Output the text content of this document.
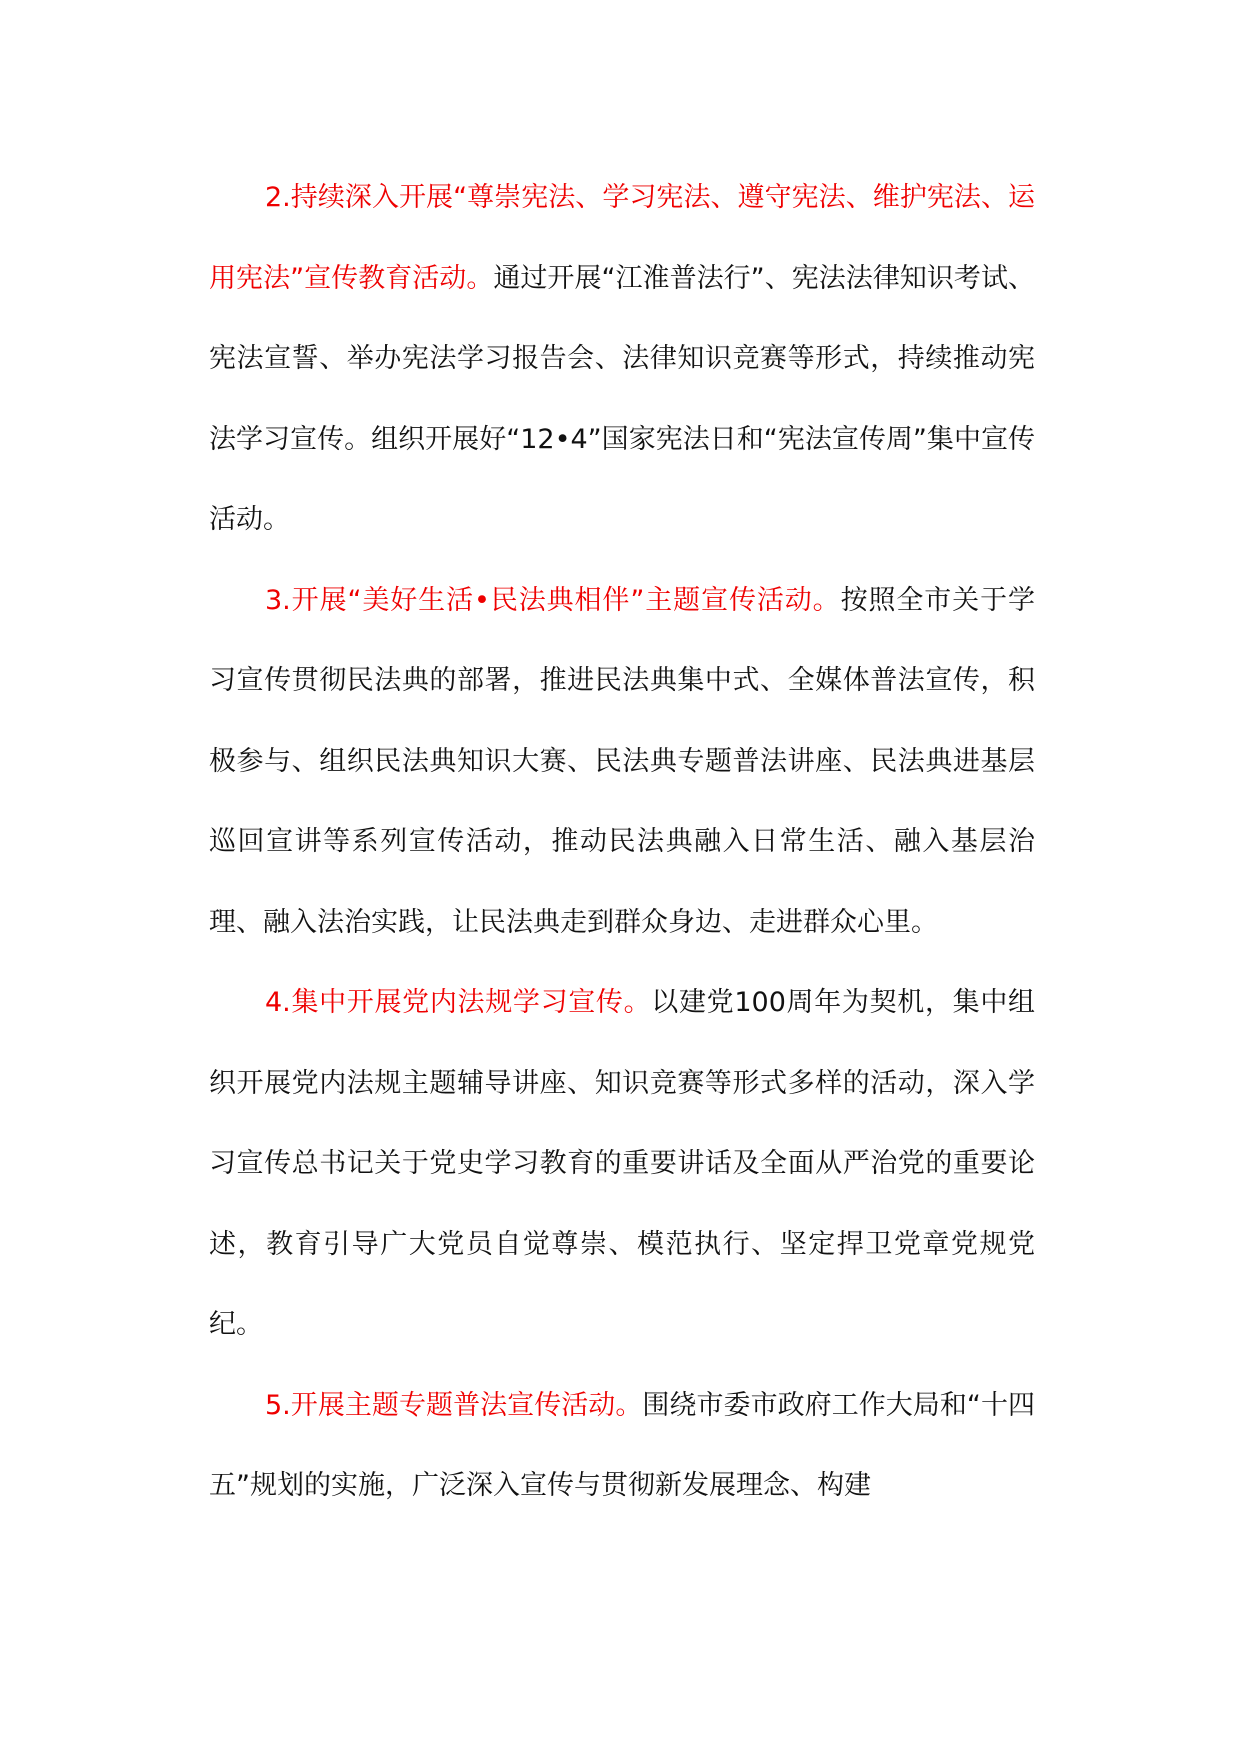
2.持续深入开展“尊崇宪法、学习宪法、遵守宪法、维护宪法、运用宪法”宣传教育活动。通过开展“江淮普法行”、宪法法律知识考试、宪法宣誓、举办宪法学习报告会、法律知识竞赛等形式，持续推动宪法学习宣传。组织开展好“12•4”国家宪法日和“宪法宣传周”集中宣传活动。

3.开展“美好生活•民法典相伴”主题宣传活动。按照全市关于学习宣传贯彻民法典的部署，推进民法典集中式、全媒体普法宣传，积极参与、组织民法典知识大赛、民法典专题普法讲座、民法典进基层巡回宣讲等系列宣传活动，推动民法典融入日常生活、融入基层治理、融入法治实践，让民法典走到群众身边、走进群众心里。

4.集中开展党内法规学习宣传。以建党100周年为契机，集中组织开展党内法规主题辅导讲座、知识竞赛等形式多样的活动，深入学习宣传总书记关于党史学习教育的重要讲话及全面从严治党的重要论述，教育引导广大党员自觉尊崇、模范执行、坚定捍卫党章党规党纪。

5.开展主题专题普法宣传活动。围绕市委市政府工作大局和“十四五”规划的实施，广泛深入宣传与贯彻新发展理念、构建
